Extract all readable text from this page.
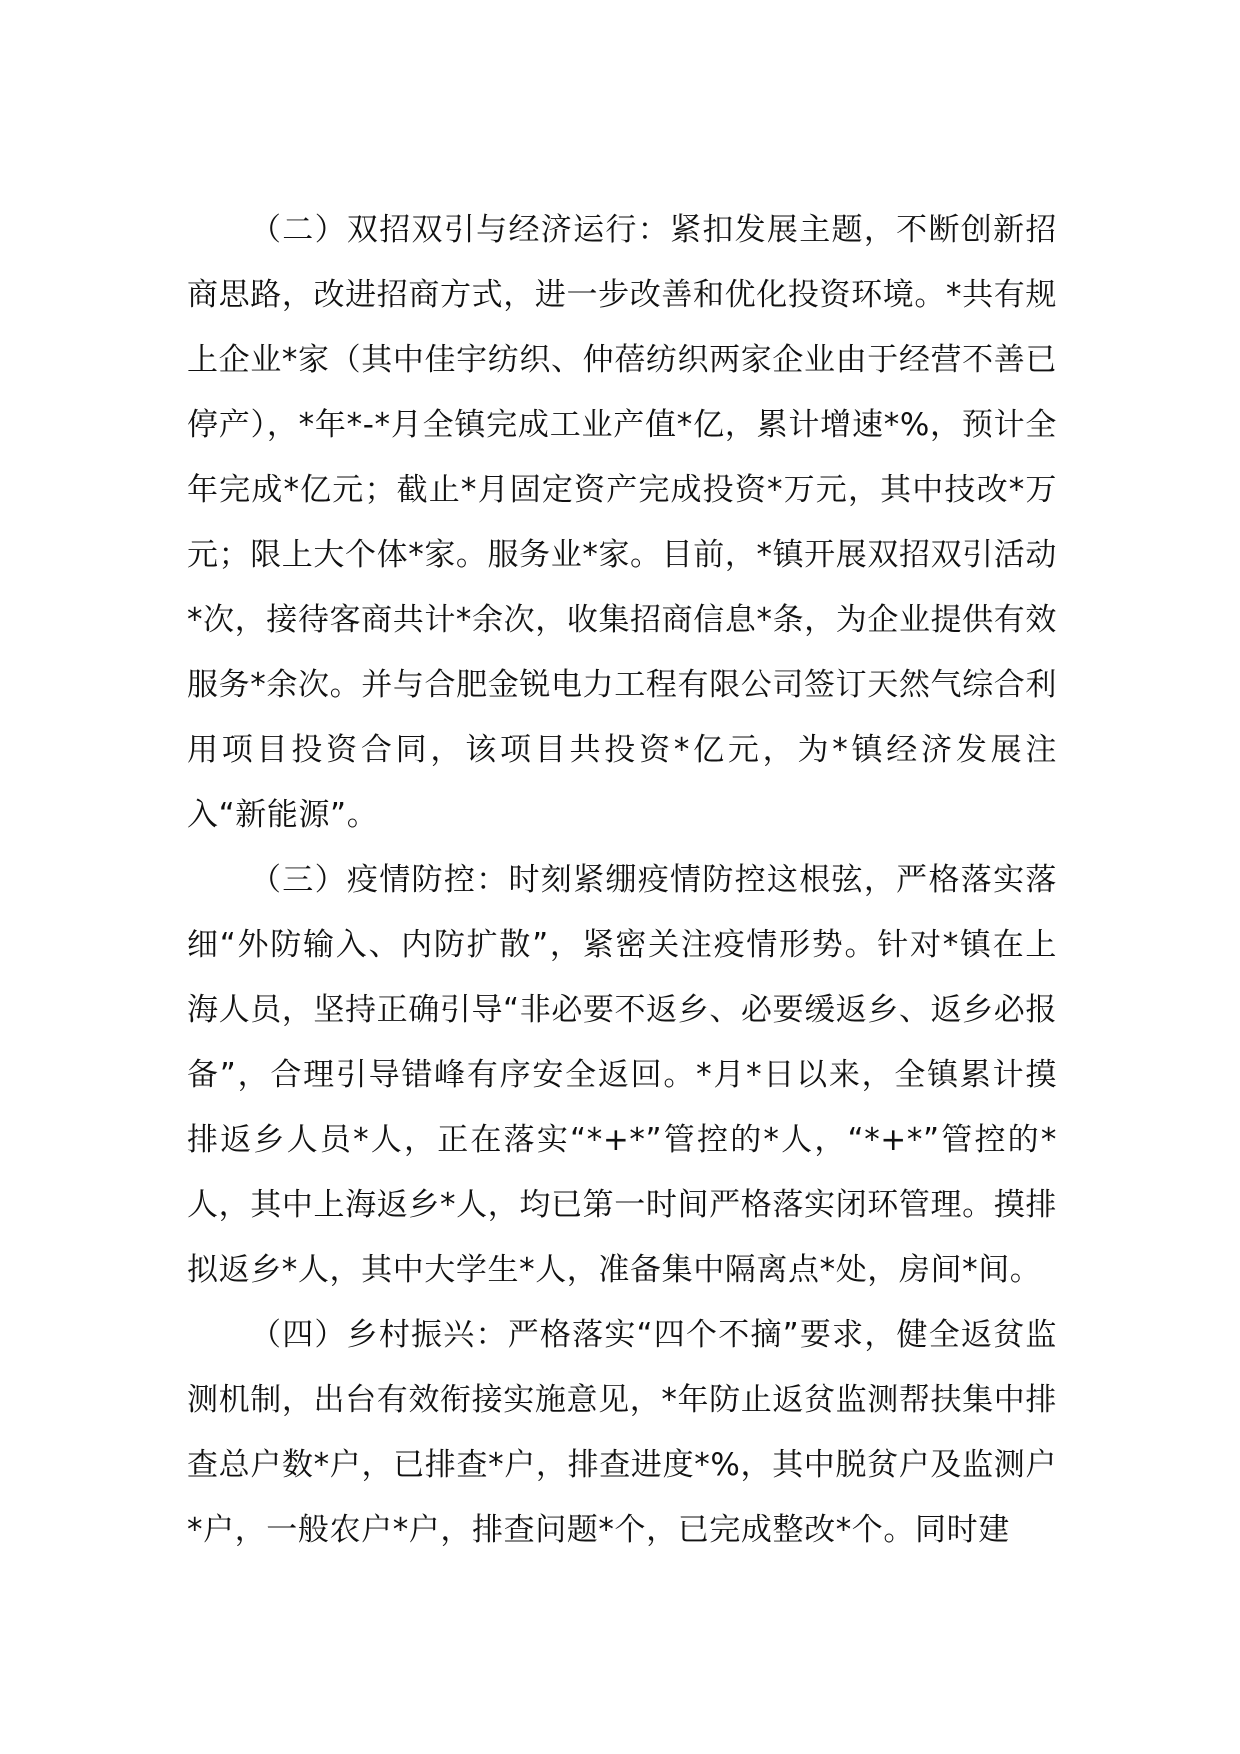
（二）双招双引与经济运行：紧扣发展主题，不断创新招商思路，改进招商方式，进一步改善和优化投资环境。*共有规上企业*家（其中佳宇纺织、仲蓓纺织两家企业由于经营不善已停产），*年*-*月全镇完成工业产值*亿，累计增速*%，预计全年完成*亿元；截止*月固定资产完成投资*万元，其中技改*万元；限上大个体*家。服务业*家。目前，*镇开展双招双引活动*次，接待客商共计*余次，收集招商信息*条，为企业提供有效服务*余次。并与合肥金锐电力工程有限公司签订天然气综合利用项目投资合同，该项目共投资*亿元，为*镇经济发展注入“新能源”。

（三）疫情防控：时刻紧绷疫情防控这根弦，严格落实落细“外防输入、内防扩散”，紧密关注疫情形势。针对*镇在上海人员，坚持正确引导“非必要不返乡、必要缓返乡、返乡必报备”，合理引导错峰有序安全返回。*月*日以来，全镇累计摸排返乡人员*人，正在落实“*+*”管控的*人，“*+*”管控的*人，其中上海返乡*人，均已第一时间严格落实闭环管理。摸排拟返乡*人，其中大学生*人，准备集中隔离点*处，房间*间。

（四）乡村振兴：严格落实“四个不摘”要求，健全返贫监测机制，出台有效衔接实施意见，*年防止返贫监测帮扶集中排查总户数*户，已排查*户，排查进度*%，其中脱贫户及监测户*户，一般农户*户，排查问题*个，已完成整改*个。同时建
